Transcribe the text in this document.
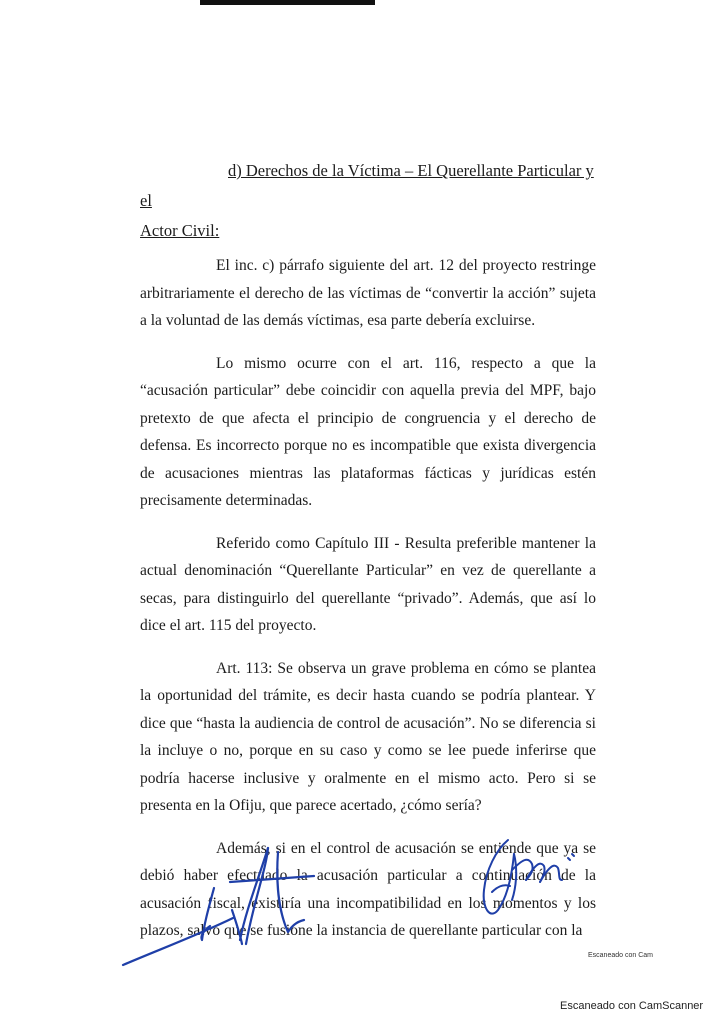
d) Derechos de la Víctima – El Querellante Particular y el
Actor Civil:

El inc. c) párrafo siguiente del art. 12 del proyecto restringe arbitrariamente el derecho de las víctimas de “convertir la acción” sujeta a la voluntad de las demás víctimas, esa parte debería excluirse.

Lo mismo ocurre con el art. 116, respecto a que la “acusación particular” debe coincidir con aquella previa del MPF, bajo pretexto de que afecta el principio de congruencia y el derecho de defensa. Es incorrecto porque no es incompatible que exista divergencia de acusaciones mientras las plataformas fácticas y jurídicas estén precisamente determinadas.

Referido como Capítulo III - Resulta preferible mantener la actual denominación “Querellante Particular” en vez de querellante a secas, para distinguirlo del querellante “privado”. Además, que así lo dice el art. 115 del proyecto.

Art. 113: Se observa un grave problema en cómo se plantea la oportunidad del trámite, es decir hasta cuando se podría plantear. Y dice que “hasta la audiencia de control de acusación”. No se diferencia si la incluye o no, porque en su caso y como se lee puede inferirse que podría hacerse inclusive y oralmente en el mismo acto. Pero si se presenta en la Ofiju, que parece acertado, ¿cómo sería?

Además, si en el control de acusación se entiende que ya se debió haber efectuado la acusación particular a continuación de la acusación fiscal, existiría una incompatibilidad en los momentos y los plazos, salvo que se fusione la instancia de querellante particular con la

Escaneado con Cam
Escaneado con CamScanner
